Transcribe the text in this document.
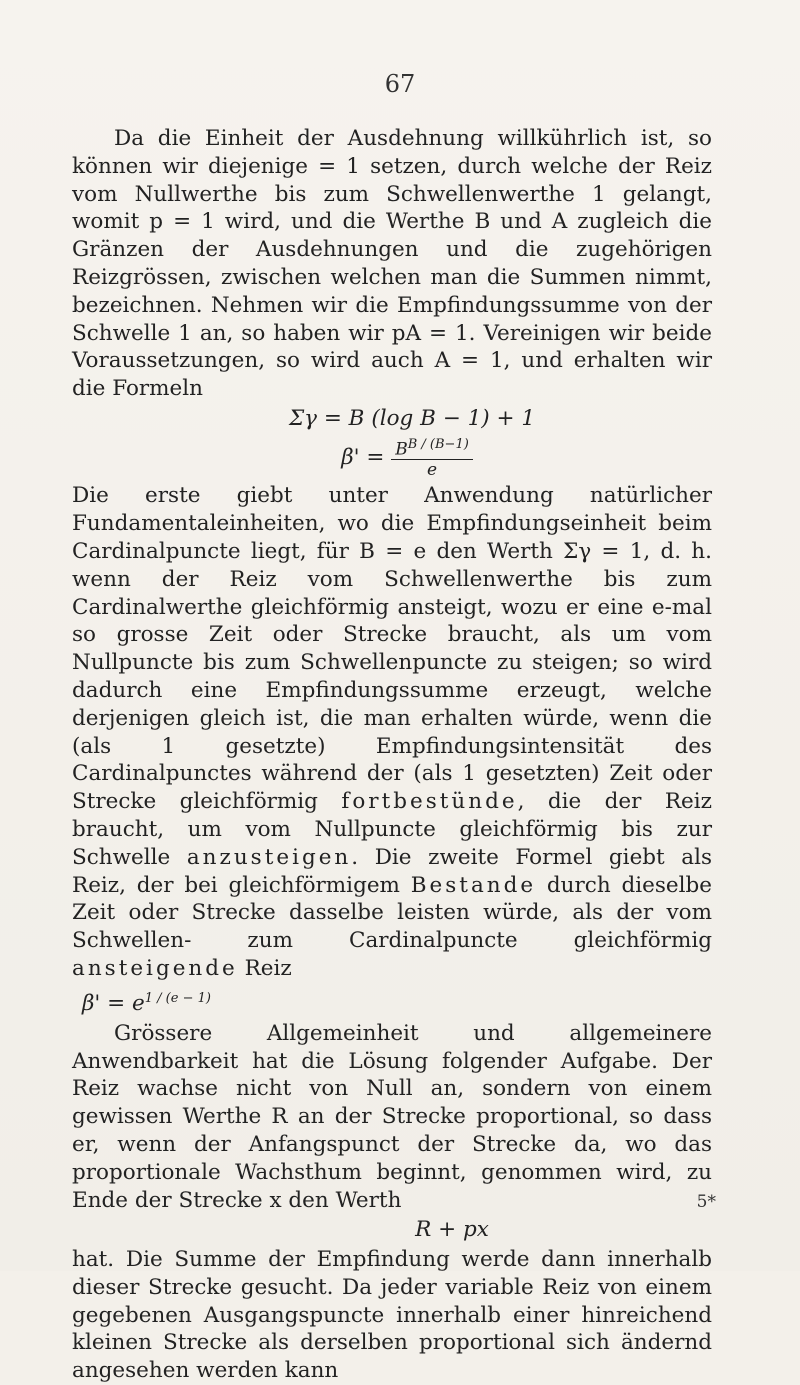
67

Da die Einheit der Ausdehnung willkührlich ist, so können wir diejenige = 1 setzen, durch welche der Reiz vom Nullwerthe bis zum Schwellenwerthe 1 gelangt, womit p = 1 wird, und die Werthe B und A zugleich die Gränzen der Ausdehnungen und die zugehörigen Reizgrössen, zwischen welchen man die Summen nimmt, bezeichnen. Nehmen wir die Empfindungssumme von der Schwelle 1 an, so haben wir pA = 1. Vereinigen wir beide Voraussetzungen, so wird auch A = 1, und erhalten wir die Formeln

Σγ = B (log B − 1) + 1
$\beta' = \frac{B^{B / (B-1)}}{e}$

Die erste giebt unter Anwendung natürlicher Fundamentaleinheiten, wo die Empfindungseinheit beim Cardinalpuncte liegt, für B = e den Werth Σγ = 1, d. h. wenn der Reiz vom Schwellenwerthe bis zum Cardinalwerthe gleichförmig ansteigt, wozu er eine e-mal so grosse Zeit oder Strecke braucht, als um vom Nullpuncte bis zum Schwellenpuncte zu steigen; so wird dadurch eine Empfindungssumme erzeugt, welche derjenigen gleich ist, die man erhalten würde, wenn die (als 1 gesetzte) Empfindungsintensität des Cardinalpunctes während der (als 1 gesetzten) Zeit oder Strecke gleichförmig fortbestünde, die der Reiz braucht, um vom Nullpuncte gleichförmig bis zur Schwelle anzusteigen. Die zweite Formel giebt als Reiz, der bei gleichförmigem Bestande durch dieselbe Zeit oder Strecke dasselbe leisten würde, als der vom Schwellen- zum Cardinalpuncte gleichförmig ansteigende Reiz

$\beta' = e^{1 / (e - 1)}$

Grössere Allgemeinheit und allgemeinere Anwendbarkeit hat die Lösung folgender Aufgabe. Der Reiz wachse nicht von Null an, sondern von einem gewissen Werthe R an der Strecke proportional, so dass er, wenn der Anfangspunct der Strecke da, wo das proportionale Wachsthum beginnt, genommen wird, zu Ende der Strecke x den Werth

R + px

hat. Die Summe der Empfindung werde dann innerhalb dieser Strecke gesucht. Da jeder variable Reiz von einem gegebenen Ausgangspuncte innerhalb einer hinreichend kleinen Strecke als derselben proportional sich ändernd angesehen werden kann

5*
